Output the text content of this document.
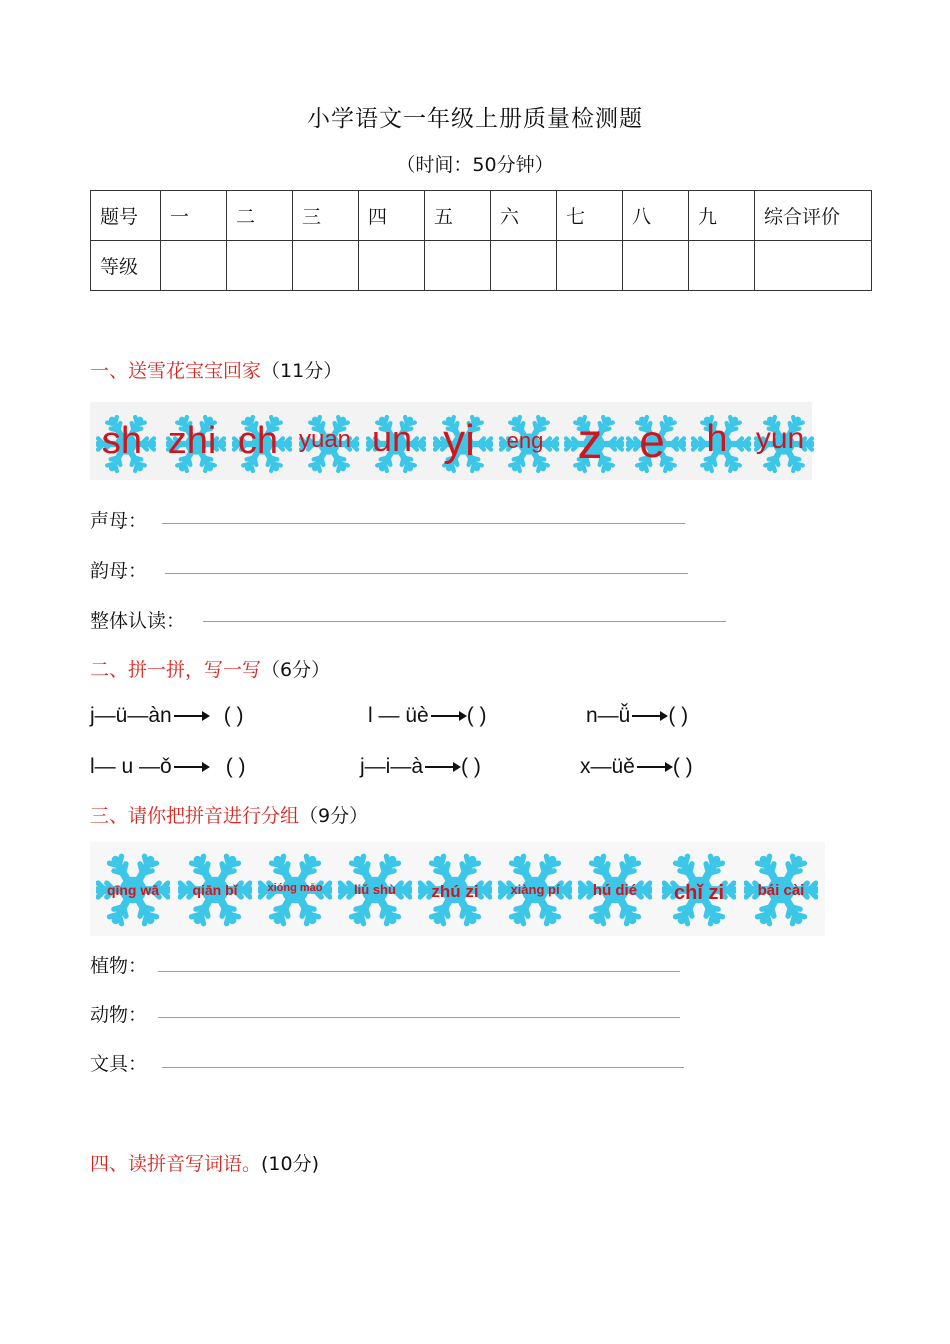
小学语文一年级上册质量检测题
（时间：50分钟）
题号	一	二	三	四	五	六	七	八	九	综合评价
等级										
一、送雪花宝宝回家（11分）
sh zhi ch yuan un yi	eng z e	h yun
声母：
韵母：
整体认读：
二、拼一拼，写一写（6分）
j—ü—àn ( )	l — üè ( )	n—ǚ ( )
l— u —ǒ	( )	j—i—à ( )	x—üě ( )
三、请你把拼音进行分组（9分）
qīng wā	qiān bǐ	xióng māo	liǔ shù	zhú zi	xiàng pí	hú dié	chǐ zi	bái cài
植物：
动物：
文具：
四、读拼音写词语。(10分)
